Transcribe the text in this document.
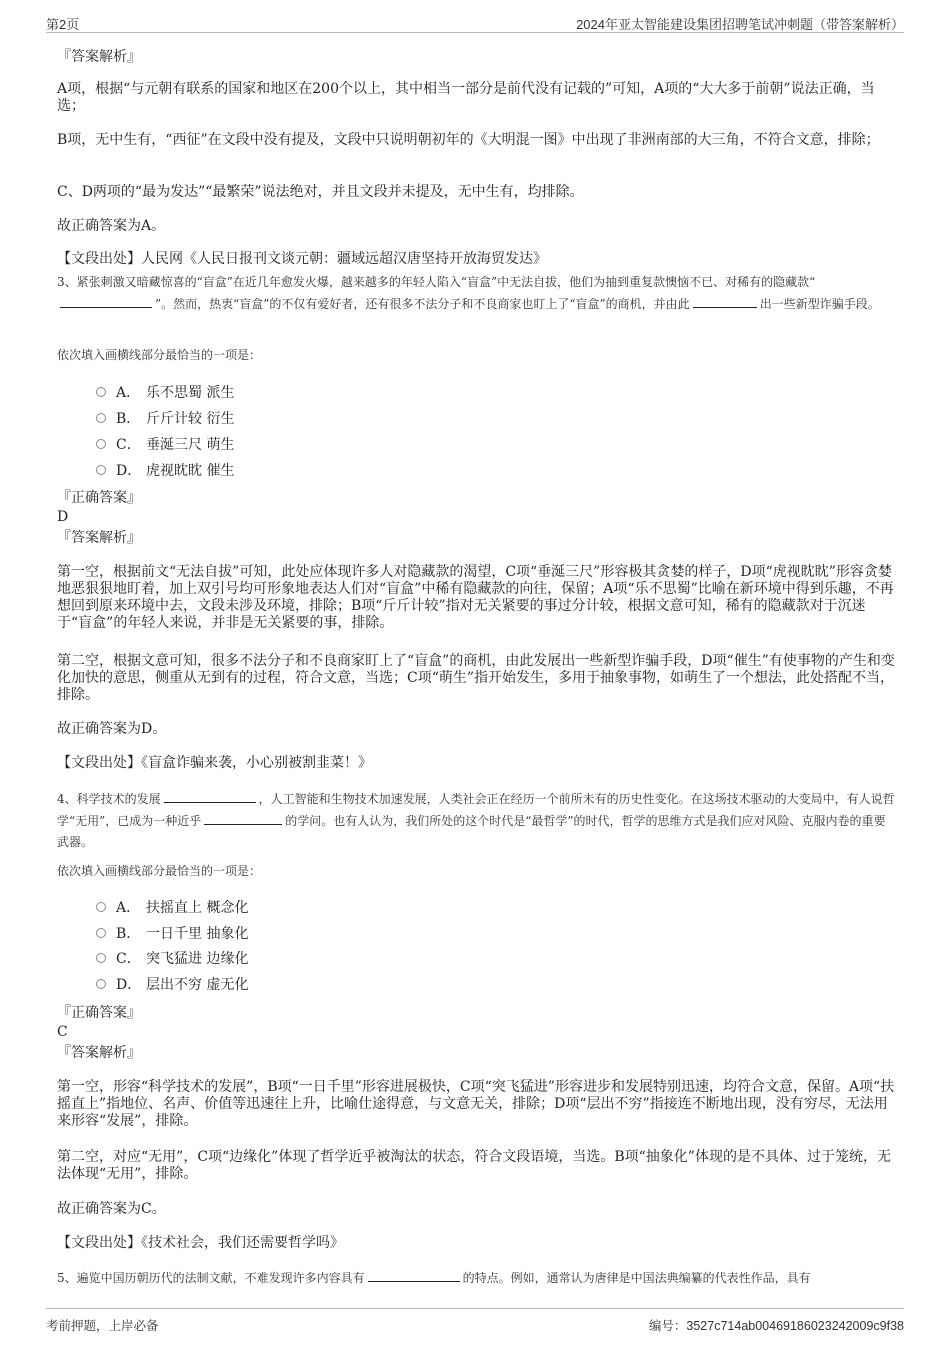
第2页	2024年亚太智能建设集团招聘笔试冲刺题（带答案解析）
『答案解析』
A项，根据“与元朝有联系的国家和地区在200个以上，其中相当一部分是前代没有记载的”可知，A项的“大大多于前朝”说法正确，当选；
B项，无中生有，“西征”在文段中没有提及，文段中只说明朝初年的《大明混一图》中出现了非洲南部的大三角，不符合文意，排除；
C、D两项的“最为发达”“最繁荣”说法绝对，并且文段并未提及，无中生有，均排除。
故正确答案为A。
【文段出处】人民网《人民日报刊文谈元朝：疆域远超汉唐坚持开放海贸发达》
3、紧张刺激又暗藏惊喜的“盲盒”在近几年愈发火爆，越来越多的年轻人陷入“盲盒”中无法自拔，他们为抽到重复款懊恼不已、对稀有的隐藏款“”。然而，热衷“盲盒”的不仅有爱好者，还有很多不法分子和不良商家也盯上了“盲盒”的商机，并由此	出一些新型诈骗手段。
依次填入画横线部分最恰当的一项是：
A． 乐不思蜀 派生
B． 斤斤计较 衍生
C． 垂涎三尺 萌生
D． 虎视眈眈 催生
『正确答案』
D
『答案解析』
第一空，根据前文“无法自拔”可知，此处应体现许多人对隐藏款的渴望，C项“垂涎三尺”形容极其贪婪的样子，D项“虎视眈眈”形容贪婪地恶狠狠地盯着，加上双引号均可形象地表达人们对“盲盒”中稀有隐藏款的向往，保留；A项“乐不思蜀”比喻在新环境中得到乐趣，不再想回到原来环境中去，文段未涉及环境，排除；B项“斤斤计较”指对无关紧要的事过分计较，根据文意可知，稀有的隐藏款对于沉迷于“盲盒”的年轻人来说，并非是无关紧要的事，排除。
第二空，根据文意可知，很多不法分子和不良商家盯上了“盲盒”的商机，由此发展出一些新型诈骗手段，D项“催生”有使事物的产生和变化加快的意思，侧重从无到有的过程，符合文意，当选；C项“萌生”指开始发生，多用于抽象事物，如萌生了一个想法，此处搭配不当，排除。
故正确答案为D。
【文段出处】《盲盒诈骗来袭，小心别被割韭菜！》
4、科学技术的发展	，人工智能和生物技术加速发展，人类社会正在经历一个前所未有的历史性变化。在这场技术驱动的大变局中，有人说哲学“无用”，已成为一种近乎	的学问。也有人认为，我们所处的这个时代是“最哲学”的时代，哲学的思维方式是我们应对风险、克服内卷的重要武器。
依次填入画横线部分最恰当的一项是：
A． 扶摇直上 概念化
B． 一日千里 抽象化
C． 突飞猛进 边缘化
D． 层出不穷 虚无化
『正确答案』
C
『答案解析』
第一空，形容“科学技术的发展”，B项“一日千里”形容进展极快，C项“突飞猛进”形容进步和发展特别迅速，均符合文意，保留。A项“扶摇直上”指地位、名声、价值等迅速往上升，比喻仕途得意，与文意无关，排除；D项“层出不穷”指接连不断地出现，没有穷尽，无法用来形容“发展”，排除。
第二空，对应“无用”，C项“边缘化”体现了哲学近乎被淘汰的状态，符合文段语境，当选。B项“抽象化”体现的是不具体、过于笼统，无法体现“无用”，排除。
故正确答案为C。
【文段出处】《技术社会，我们还需要哲学吗》
5、遍览中国历朝历代的法制文献，不难发现许多内容具有	的特点。例如，通常认为唐律是中国法典编纂的代表性作品，具有
考前押题，上岸必备	编号：3527c714ab0046918602324​2009c9f38
